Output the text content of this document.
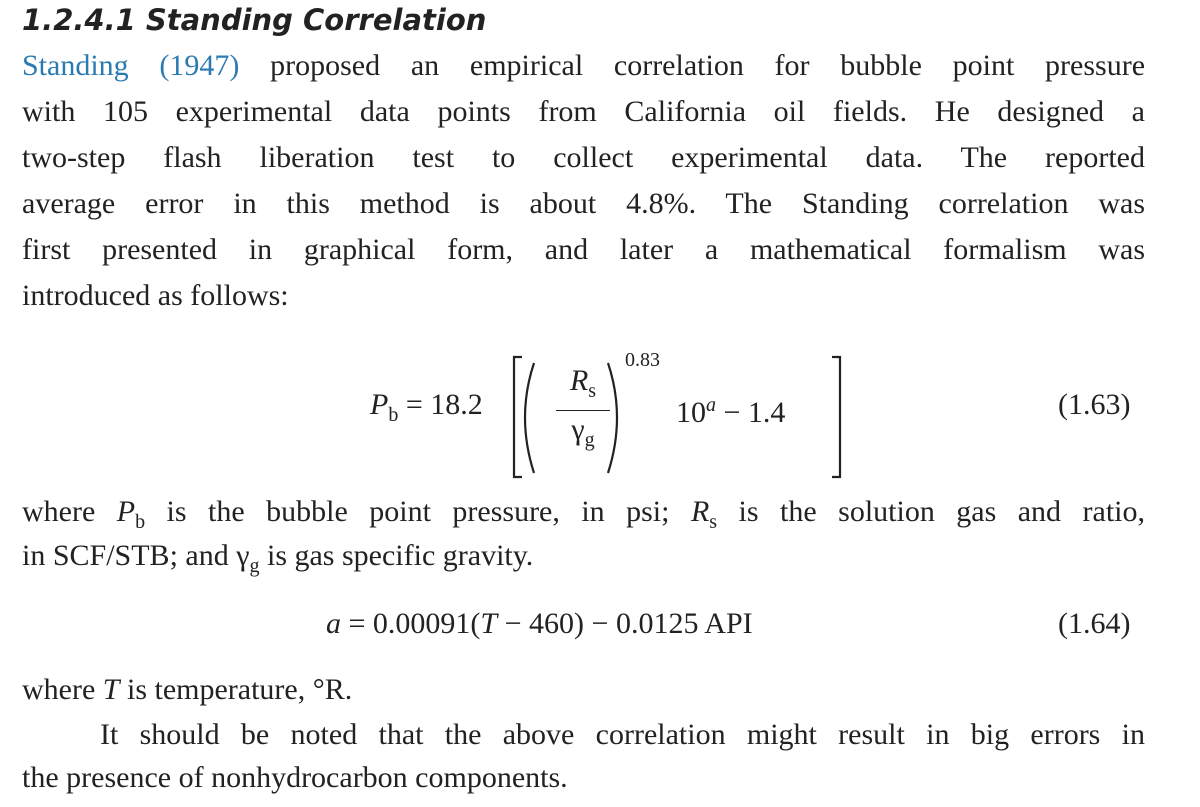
1.2.4.1 Standing Correlation
Standing (1947) proposed an empirical correlation for bubble point pressure
with 105 experimental data points from California oil fields. He designed a
two-step flash liberation test to collect experimental data. The reported
average error in this method is about 4.8%. The Standing correlation was
first presented in graphical form, and later a mathematical formalism was
introduced as follows:
$P_b = 18.2 \frac{R_s}{\gamma_g}$
0.83
$10^a - 1.4$	(1.63)
where $P_b$ is the bubble point pressure, in psi; $R_s$ is the solution gas and ratio,
in SCF/STB; and $\gamma_g$ is gas specific gravity.
a = 0.00091(T − 460) − 0.0125 API	(1.64)
where T is temperature, °R.
It should be noted that the above correlation might result in big errors in
the presence of nonhydrocarbon components.
